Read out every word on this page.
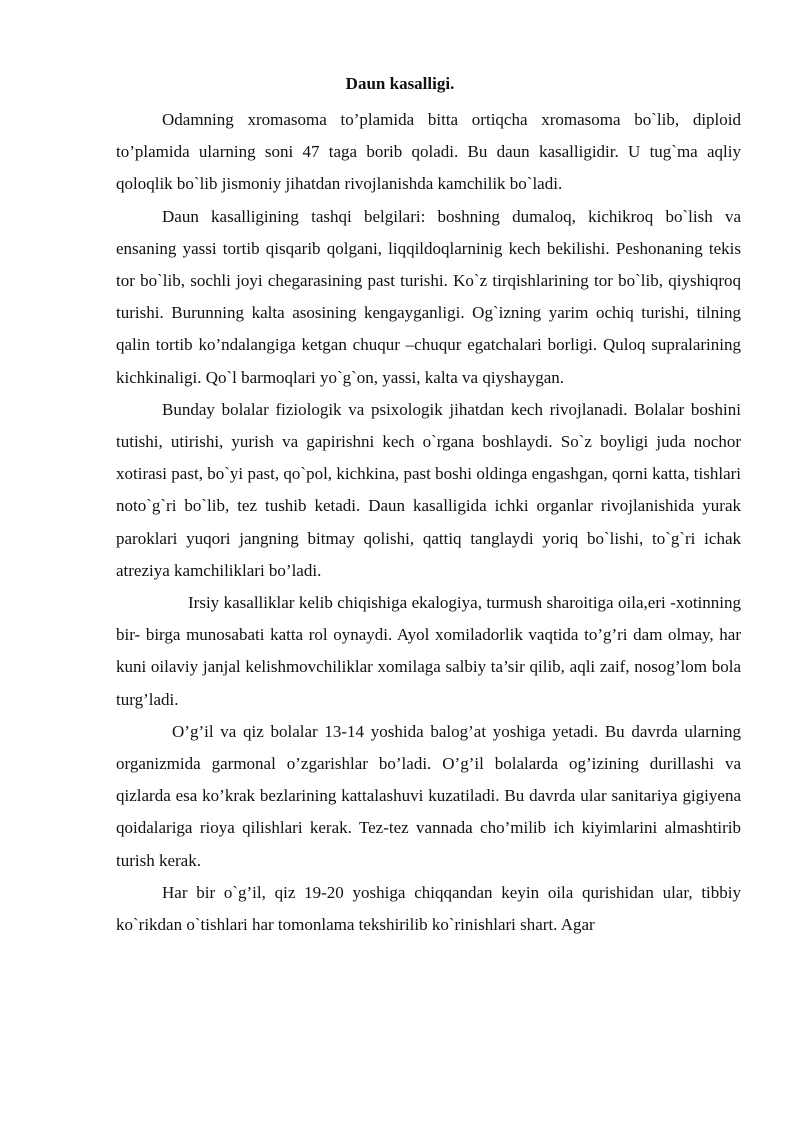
Daun kasalligi.

Odamning xromasoma to’plamida bitta ortiqcha xromasoma bo`lib, diploid to’plamida ularning soni 47 taga borib qoladi. Bu daun kasalligidir. U tug`ma aqliy qoloqlik bo`lib jismoniy jihatdan rivojlanishda kamchilik bo`ladi.

Daun kasalligining tashqi belgilari: boshning dumaloq, kichikroq bo`lish va ensaning yassi tortib qisqarib qolgani, liqqildoqlarninig kech bekilishi. Peshonaning tekis tor bo`lib, sochli joyi chegarasining past turishi. Ko`z tirqishlarining tor bo`lib, qiyshiqroq turishi. Burunning kalta asosining kengayganligi. Og`izning yarim ochiq turishi, tilning qalin tortib ko’ndalangiga ketgan chuqur –chuqur egatchalari borligi. Quloq supralarining kichkinaligi. Qo`l barmoqlari yo`g`on, yassi, kalta va qiyshaygan.

Bunday bolalar fiziologik va psixologik jihatdan kech rivojlanadi. Bolalar boshini tutishi, utirishi, yurish va gapirishni kech o`rgana boshlaydi. So`z boyligi juda nochor xotirasi past, bo`yi past, qo`pol, kichkina, past boshi oldinga engashgan, qorni katta, tishlari noto`g`ri bo`lib, tez tushib ketadi. Daun kasalligida ichki organlar rivojlanishida yurak paroklari yuqori jangning bitmay qolishi, qattiq tanglaydi yoriq bo`lishi, to`g`ri ichak atreziya kamchiliklari bo’ladi.

Irsiy kasalliklar kelib chiqishiga ekalogiya, turmush sharoitiga oila,eri -xotinning bir- birga munosabati katta rol oynaydi. Ayol xomiladorlik vaqtida to’g’ri dam olmay, har kuni oilaviy janjal kelishmovchiliklar xomilaga salbiy ta’sir qilib, aqli zaif, nosog’lom bola turg’ladi.

O’g’il va qiz bolalar 13-14 yoshida balog’at yoshiga yetadi. Bu davrda ularning organizmida garmonal o’zgarishlar bo’ladi. O’g’il bolalarda og’izining durillashi va qizlarda esa ko’krak bezlarining kattalashuvi kuzatiladi. Bu davrda ular sanitariya gigiyena qoidalariga rioya qilishlari kerak. Tez-tez vannada cho’milib ich kiyimlarini almashtirib turish kerak.

Har bir o`g’il, qiz 19-20 yoshiga chiqqandan keyin oila qurishidan ular, tibbiy ko`rikdan o`tishlari har tomonlama tekshirilib ko`rinishlari shart. Agar
